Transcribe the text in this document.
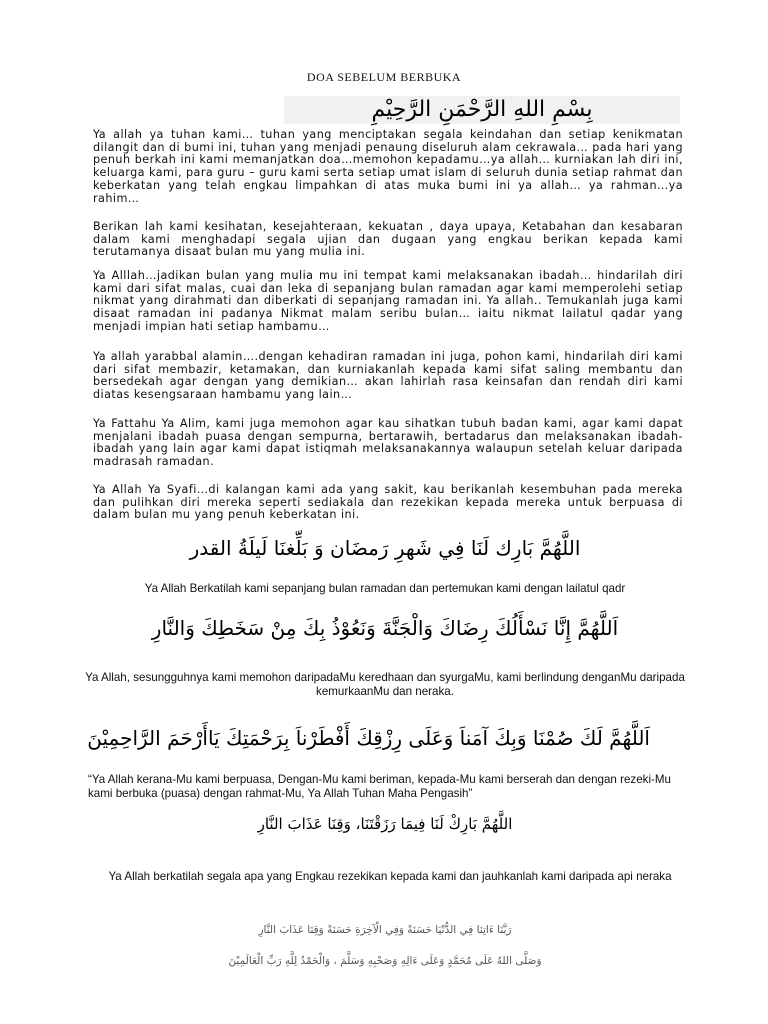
DOA SEBELUM BERBUKA
بِسْمِ اللهِ الرَّحْمَنِ الرَّحِيْمِ

Ya allah ya tuhan kami… tuhan yang menciptakan segala keindahan dan setiap kenikmatan dilangit dan di bumi ini, tuhan yang menjadi penaung diseluruh alam cekrawala… pada hari yang penuh berkah ini kami memanjatkan doa…memohon kepadamu…ya allah… kurniakan lah diri ini, keluarga kami, para guru – guru kami serta setiap umat islam di seluruh dunia setiap rahmat dan keberkatan yang telah engkau limpahkan di atas muka bumi ini ya allah… ya rahman…ya rahim…

Berikan lah kami kesihatan, kesejahteraan, kekuatan , daya upaya, Ketabahan dan kesabaran dalam kami menghadapi segala ujian dan dugaan yang engkau berikan kepada kami terutamanya disaat bulan mu yang mulia ini.

Ya Alllah…jadikan bulan yang mulia mu ini tempat kami melaksanakan ibadah… hindarilah diri kami dari sifat malas, cuai dan leka di sepanjang bulan ramadan agar kami memperolehi setiap nikmat yang dirahmati dan diberkati di sepanjang ramadan ini. Ya allah.. Temukanlah juga kami disaat ramadan ini padanya Nikmat malam seribu bulan… iaitu nikmat lailatul qadar yang menjadi impian hati setiap hambamu…

Ya allah yarabbal alamin….dengan kehadiran ramadan ini juga, pohon kami, hindarilah diri kami dari sifat membazir, ketamakan, dan kurniakanlah kepada kami sifat saling membantu dan bersedekah agar dengan yang demikian… akan lahirlah rasa keinsafan dan rendah diri kami diatas kesengsaraan hambamu yang lain…

Ya Fattahu Ya Alim, kami juga memohon agar kau sihatkan tubuh badan kami, agar kami dapat menjalani ibadah puasa dengan sempurna, bertarawih, bertadarus dan melaksanakan ibadah-ibadah yang lain agar kami dapat istiqmah melaksanakannya walaupun setelah keluar daripada madrasah ramadan.

Ya Allah Ya Syafi…di kalangan kami ada yang sakit, kau berikanlah kesembuhan pada mereka dan pulihkan diri mereka seperti sediakala dan rezekikan kepada mereka untuk berpuasa di dalam bulan mu yang penuh keberkatan ini.

اللَّهُمَّ بَارِك لَنَا فِي شَهرِ رَمضَان وَ بَلِّغنَا لَيلَةُ القدر

Ya Allah Berkatilah kami sepanjang bulan ramadan dan pertemukan kami dengan lailatul qadr

اَللَّهُمَّ إِنَّا نَسْأَلُكَ رِضَاكَ وَالْجَنَّةَ وَنَعُوْذُ بِكَ مِنْ سَخَطِكَ وَالنَّارِ

Ya Allah, sesungguhnya kami memohon daripadaMu keredhaan dan syurgaMu, kami berlindung denganMu daripada kemurkaanMu dan neraka.

اَللَّهُمَّ لَكَ صُمْنَا وَبِكَ آمَناَ وَعَلَى رِزْقِكَ أَفْطَرْناَ بِرَحْمَتِكَ يَاأَرْحَمَ الرَّاحِمِيْنَ

“Ya Allah kerana-Mu kami berpuasa, Dengan-Mu kami beriman, kepada-Mu kami berserah dan dengan rezeki-Mu kami berbuka (puasa) dengan rahmat-Mu, Ya Allah Tuhan Maha Pengasih”

اللَّهُمَّ بَارِكْ لَنَا فِيمَا رَزَقْتَنَا، وَقِنَا عَذَابَ النَّارِ

Ya Allah berkatilah segala apa yang Engkau rezekikan kepada kami dan jauhkanlah kami daripada api neraka

رَبَّنَا ءَاتِنَا فِي الدُّنْيَا حَسَنَةً وَفِي الْآخِرَةِ حَسَنَةً وَقِنَا عَذَابَ النَّارِ
وَصَلَّى اللهُ عَلَى مُحَمَّدٍ وَعَلَى ءَالِهِ وَصَحْبِهِ وَسَلَّمَ ، وَالْحَمْدُ لِلَّهِ رَبِّ الْعَالَمِيْنَ
